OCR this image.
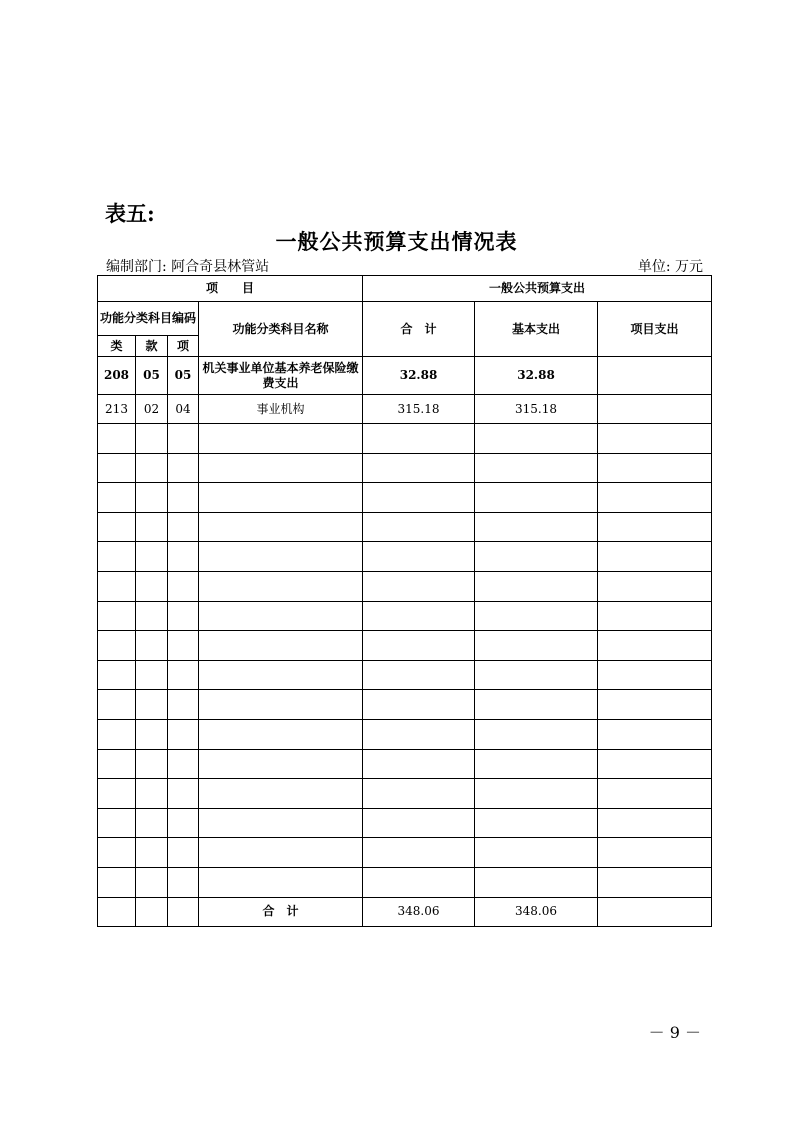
表五:
一般公共预算支出情况表
编制部门: 阿合奇县林管站	单位: 万元
项　　目				一般公共预算支出		
功能分类科目编码			功能分类科目名称	合　计	基本支出	项目支出
类	款	项				
208	05	05	机关事业单位基本养老保险缴费支出	32.88	32.88	
213	02	04	事业机构	315.18	315.18	

			合　计	348.06	348.06	
－ 9 －
